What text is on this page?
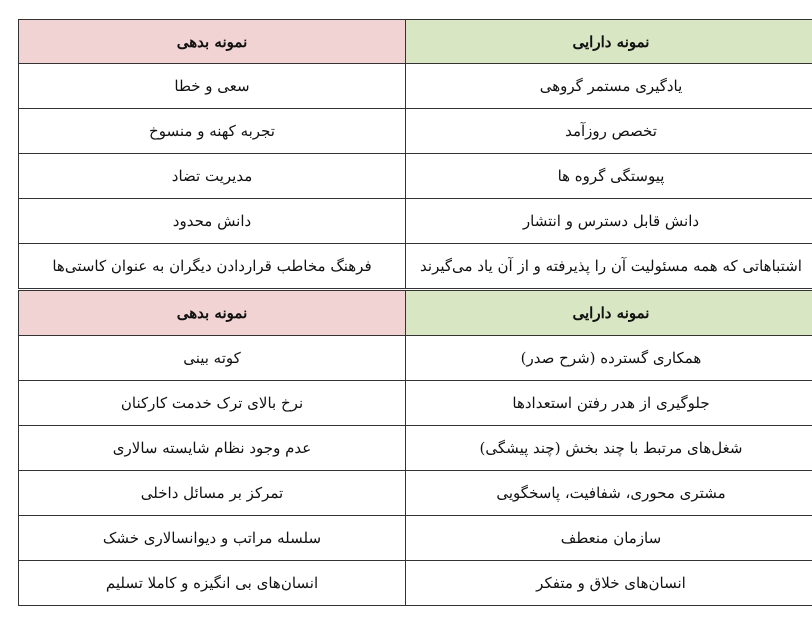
نمونه دارایی	نمونه بدهی
یادگیری مستمر گروهی	سعی و خطا
تخصص روزآمد	تجربه کهنه و منسوخ
پیوستگی گروه ها	مدیریت تضاد
دانش قابل دسترس و انتشار	دانش محدود
اشتباهاتی که همه مسئولیت آن را پذیرفته و از آن یاد می‌گیرند	فرهنگ مخاطب قراردادن دیگران به عنوان کاستی‌ها
نمونه دارایی	نمونه بدهی
همکاری گسترده (شرح صدر)	کوته بینی
جلوگیری از هدر رفتن استعدادها	نرخ بالای ترک خدمت کارکنان
شغل‌های مرتبط با چند بخش (چند پیشگی)	عدم وجود نظام شایسته سالاری
مشتری محوری، شفافیت، پاسخگویی	تمرکز بر مسائل داخلی
سازمان منعطف	سلسله مراتب و دیوانسالاری خشک
انسان‌های خلاق و متفکر	انسان‌های بی انگیزه و کاملا تسلیم
